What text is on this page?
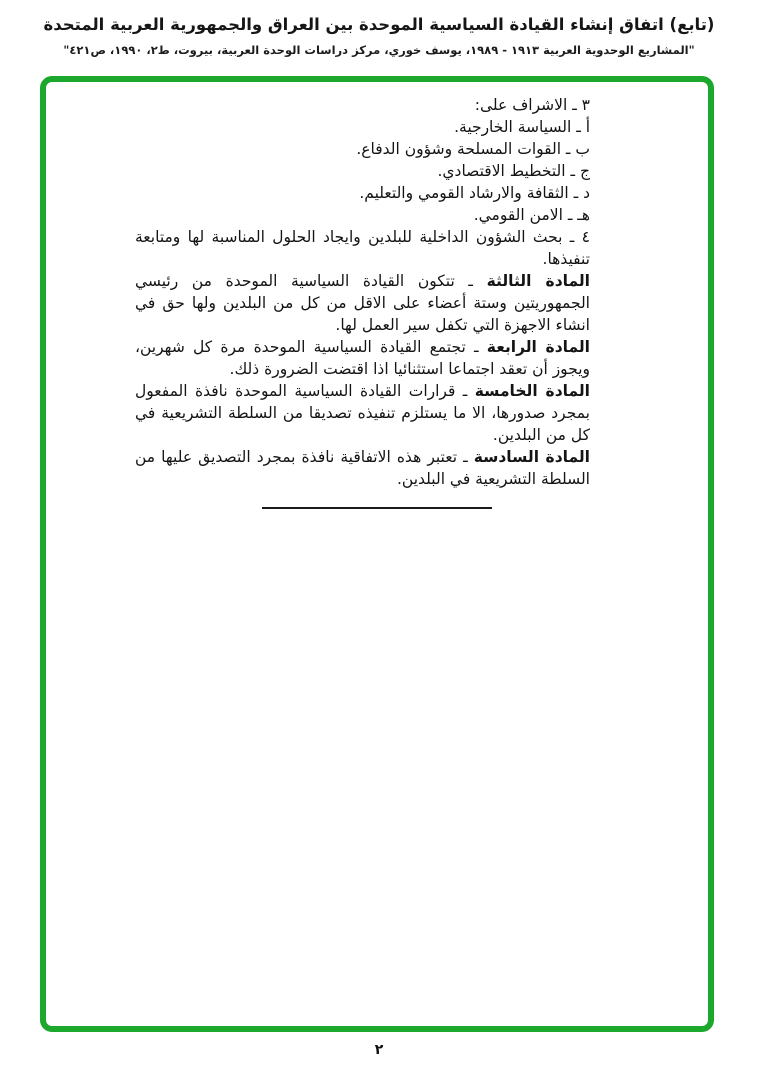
(تابع) اتفاق إنشاء القيادة السياسية الموحدة بين العراق والجمهورية العربية المتحدة
"المشاريع الوحدوية العربية ١٩١٣ - ١٩٨٩، يوسف خوري، مركز دراسات الوحدة العربية، بيروت، ط٢، ١٩٩٠، ص٤٢١"

٣ ـ الاشراف على:

أ ـ السياسة الخارجية.

ب ـ القوات المسلحة وشؤون الدفاع.

ج ـ التخطيط الاقتصادي.

د ـ الثقافة والارشاد القومي والتعليم.

هـ ـ الامن القومي.

٤ ـ بحث الشؤون الداخلية للبلدين وايجاد الحلول المناسبة لها ومتابعة تنفيذها.

المادة الثالثة ـ تتكون القيادة السياسية الموحدة من رئيسي الجمهوريتين وستة أعضاء على الاقل من كل من البلدين ولها حق في انشاء الاجهزة التي تكفل سير العمل لها.

المادة الرابعة ـ تجتمع القيادة السياسية الموحدة مرة كل شهرين، ويجوز أن تعقد اجتماعا استثنائيا اذا اقتضت الضرورة ذلك.

المادة الخامسة ـ قرارات القيادة السياسية الموحدة نافذة المفعول بمجرد صدورها، الا ما يستلزم تنفيذه تصديقا من السلطة التشريعية في كل من البلدين.

المادة السادسة ـ تعتبر هذه الاتفاقية نافذة بمجرد التصديق عليها من السلطة التشريعية في البلدين.

٢
